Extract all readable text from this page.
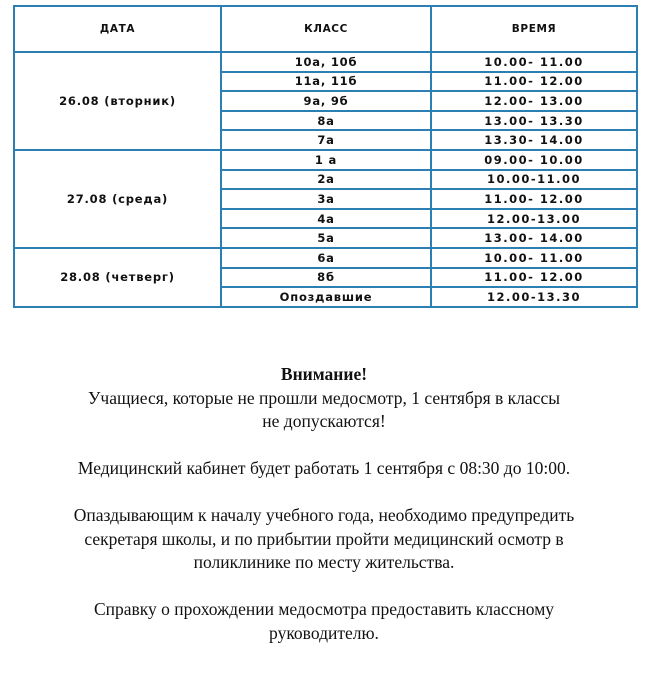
ДАТА	КЛАСС	ВРЕМЯ
26.08 (вторник)	10а, 10б	10.00- 11.00
	11а, 11б	11.00- 12.00
	9а, 9б	12.00- 13.00
	8а	13.00- 13.30
	7а	13.30- 14.00
27.08 (среда)	1 а	09.00- 10.00
	2а	10.00-11.00
	3а	11.00- 12.00
	4а	12.00-13.00
	5а	13.00- 14.00
28.08 (четверг)	6а	10.00- 11.00
	8б	11.00- 12.00
	Опоздавшие	12.00-13.30

Внимание!

Учащиеся, которые не прошли медосмотр, 1 сентября в классы

не допускаются!

Медицинский кабинет будет работать 1 сентября с 08:30 до 10:00.

Опаздывающим к началу учебного года, необходимо предупредить

секретаря школы, и по прибытии пройти медицинский осмотр в

поликлинике по месту жительства.

Справку о прохождении медосмотра предоставить классному

руководителю.
